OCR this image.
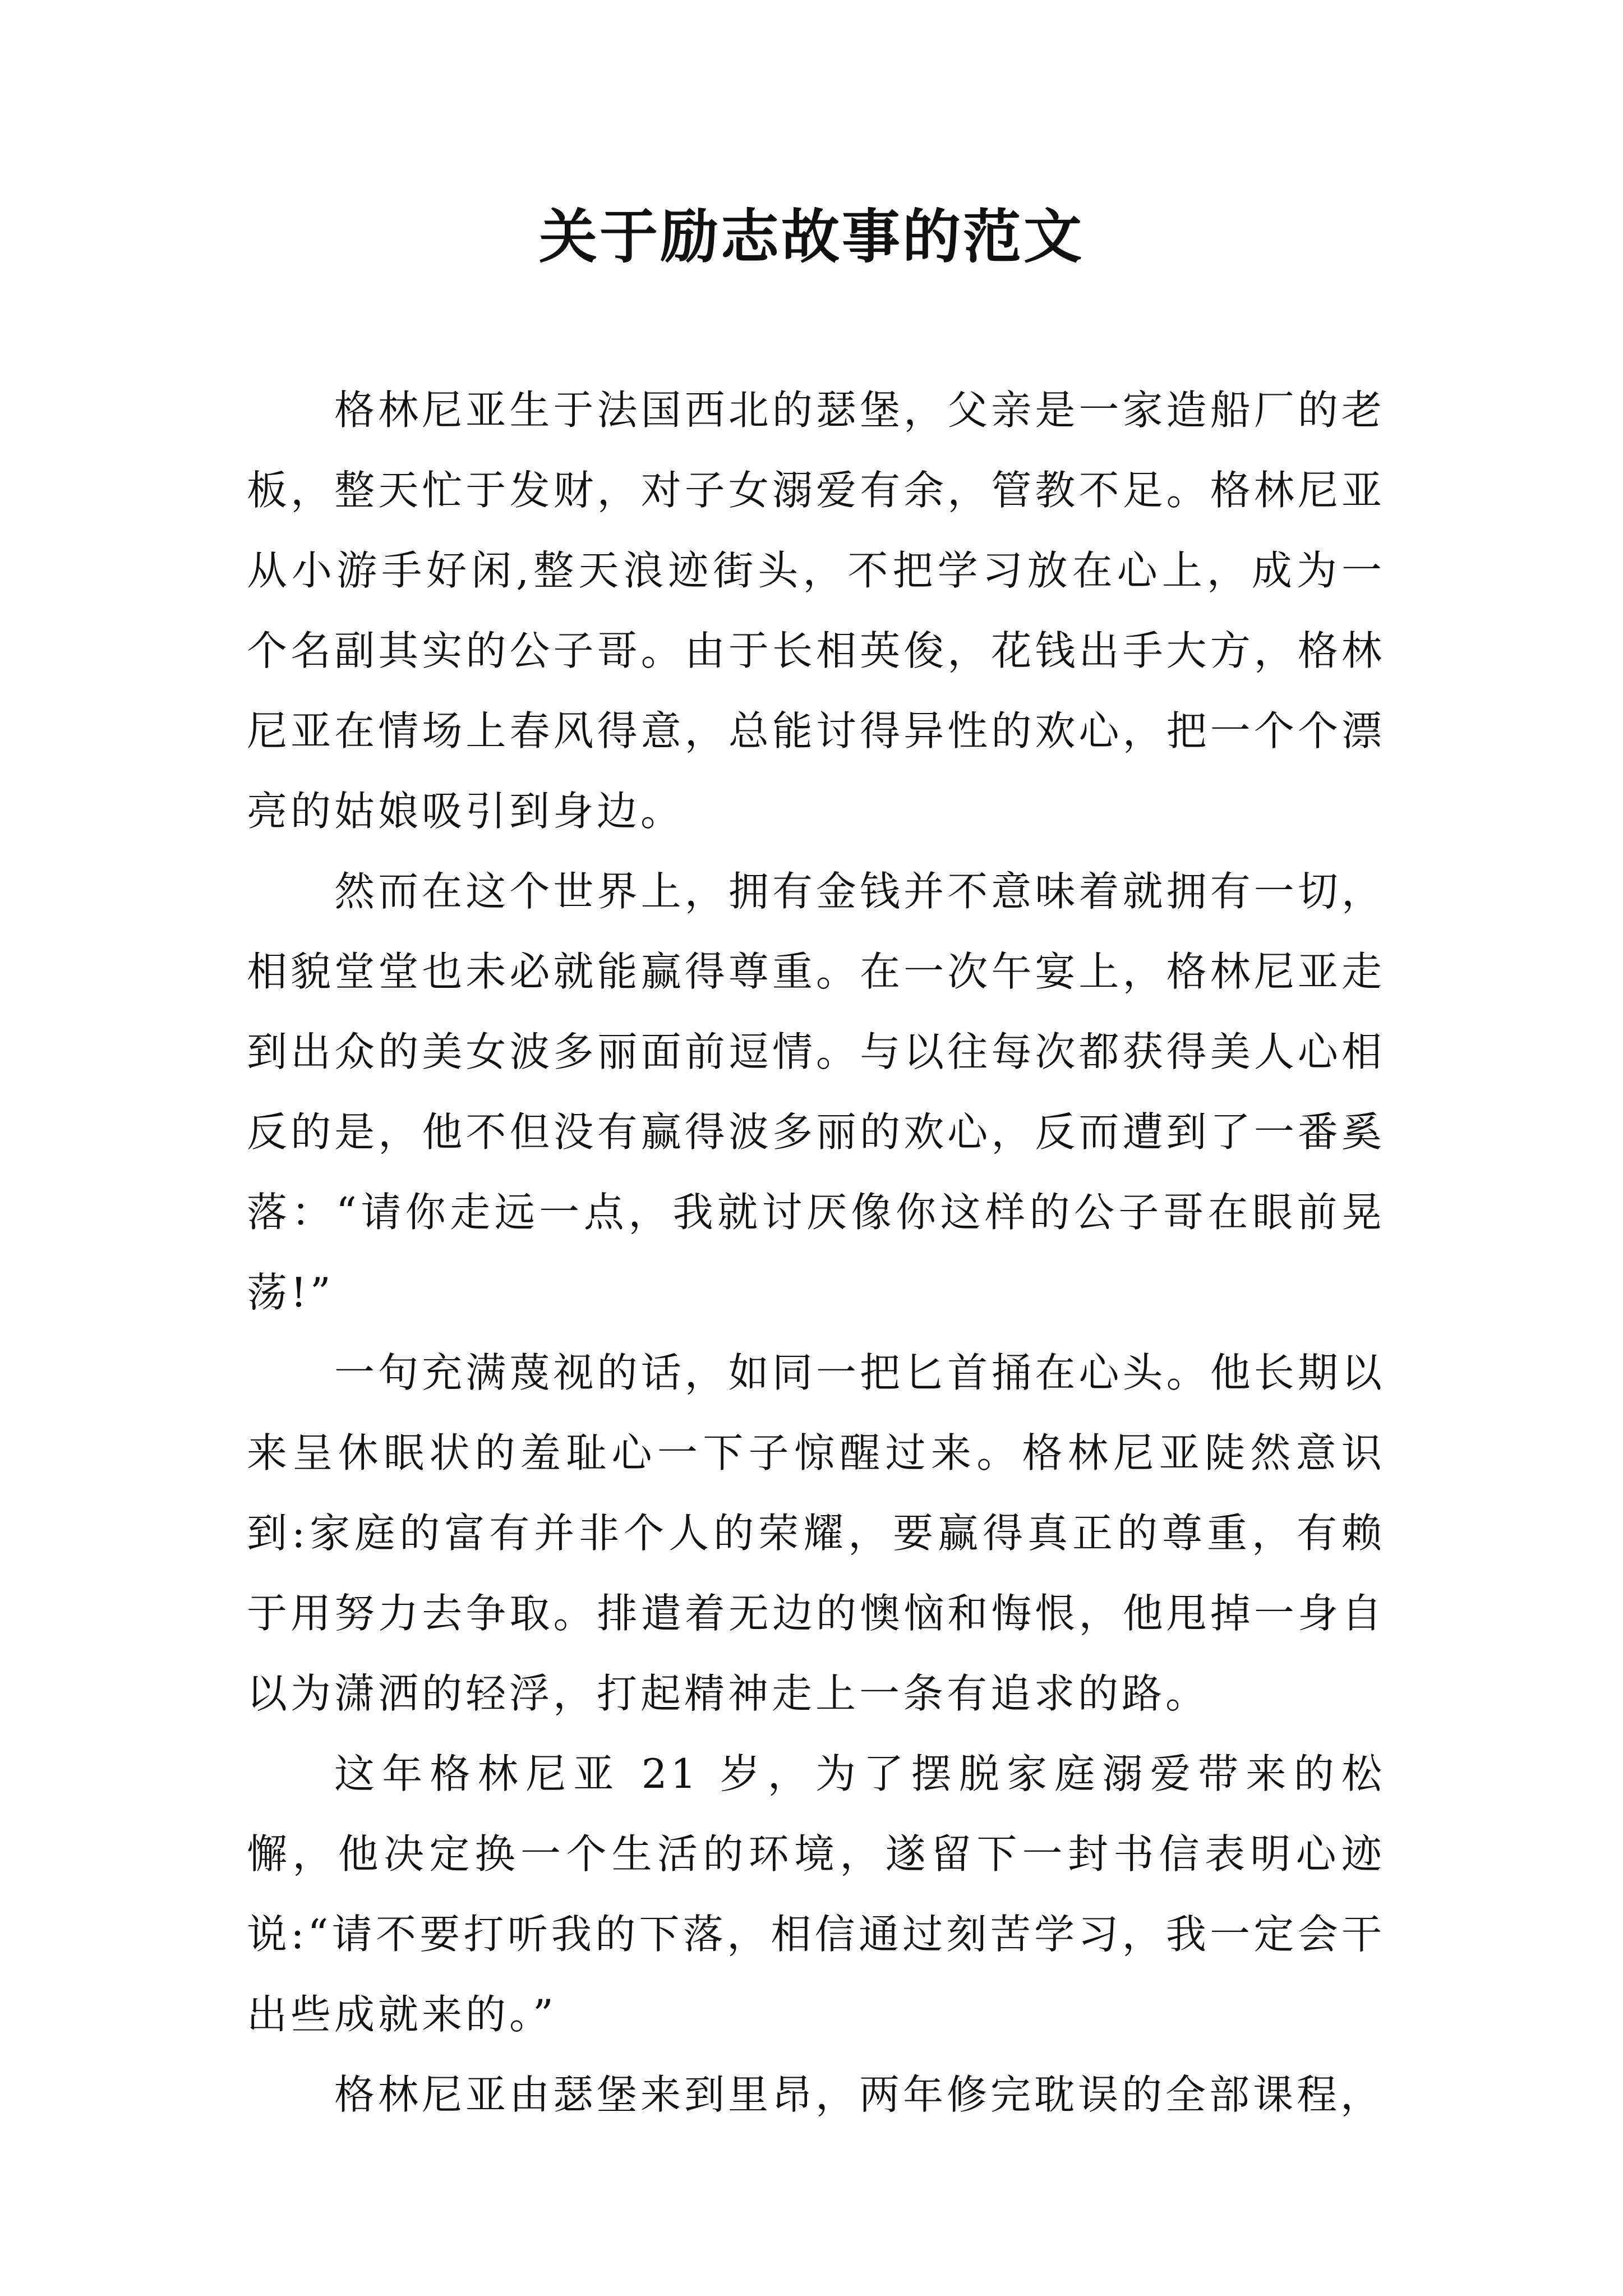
关于励志故事的范文

格林尼亚生于法国西北的瑟堡，父亲是一家造船厂的老板，整天忙于发财，对子女溺爱有余，管教不足。格林尼亚从小游手好闲,整天浪迹街头，不把学习放在心上，成为一个名副其实的公子哥。由于长相英俊，花钱出手大方，格林尼亚在情场上春风得意，总能讨得异性的欢心，把一个个漂亮的姑娘吸引到身边。

然而在这个世界上，拥有金钱并不意味着就拥有一切，相貌堂堂也未必就能赢得尊重。在一次午宴上，格林尼亚走到出众的美女波多丽面前逗情。与以往每次都获得美人心相反的是，他不但没有赢得波多丽的欢心，反而遭到了一番奚落：“请你走远一点，我就讨厌像你这样的公子哥在眼前晃荡!”

一句充满蔑视的话，如同一把匕首捅在心头。他长期以来呈休眠状的羞耻心一下子惊醒过来。格林尼亚陡然意识到:家庭的富有并非个人的荣耀，要赢得真正的尊重，有赖于用努力去争取。排遣着无边的懊恼和悔恨，他甩掉一身自以为潇洒的轻浮，打起精神走上一条有追求的路。

这年格林尼亚 21 岁，为了摆脱家庭溺爱带来的松懈，他决定换一个生活的环境，遂留下一封书信表明心迹说:“请不要打听我的下落，相信通过刻苦学习，我一定会干出些成就来的。”

格林尼亚由瑟堡来到里昂，两年修完耽误的全部课程，
